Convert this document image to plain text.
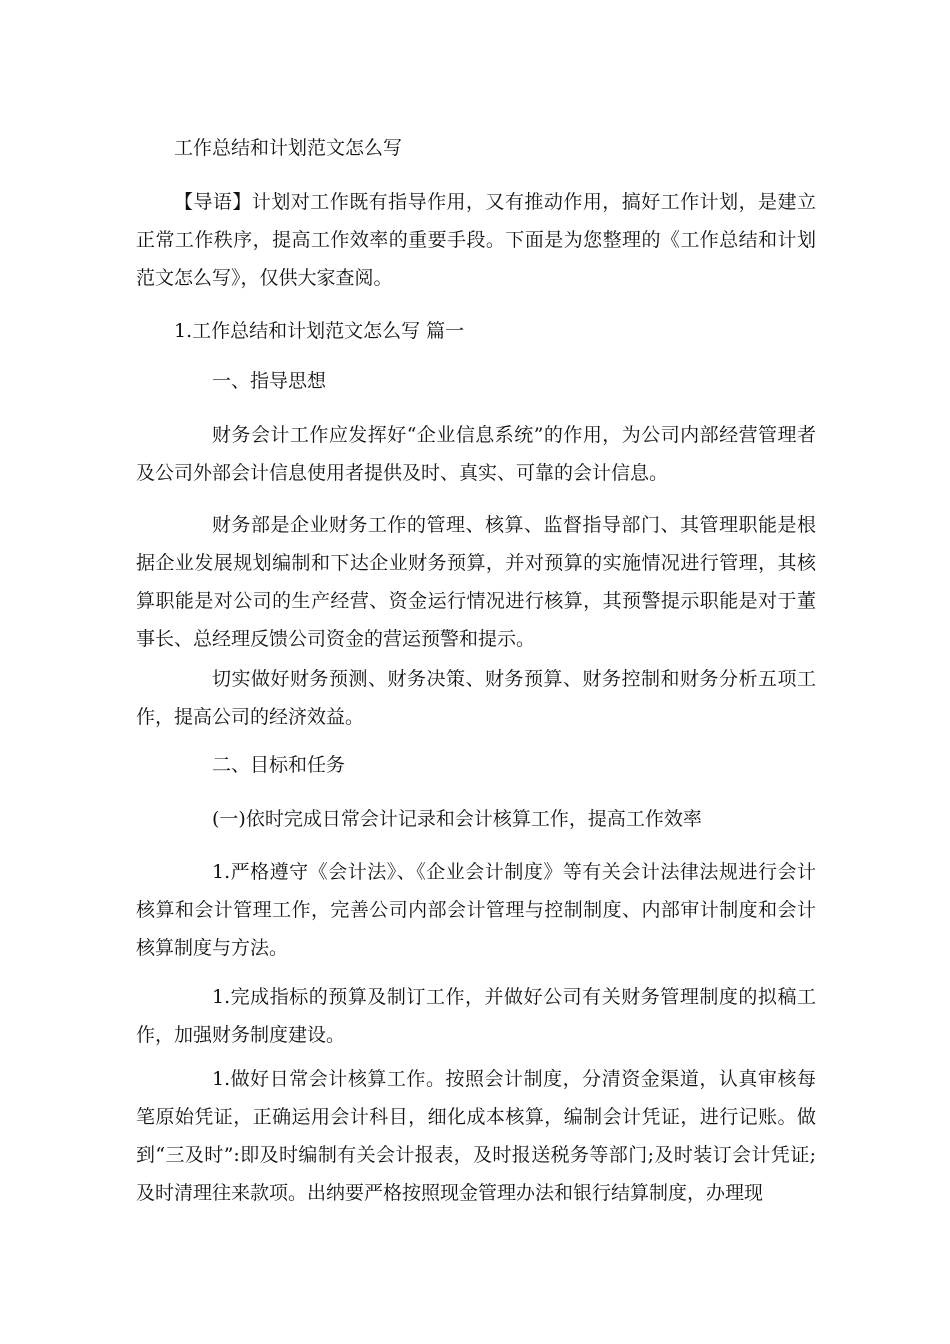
工作总结和计划范文怎么写

【导语】计划对工作既有指导作用，又有推动作用，搞好工作计划，是建立正常工作秩序，提高工作效率的重要手段。下面是为您整理的《工作总结和计划范文怎么写》，仅供大家查阅。

1.工作总结和计划范文怎么写 篇一

一、指导思想

财务会计工作应发挥好“企业信息系统”的作用，为公司内部经营管理者及公司外部会计信息使用者提供及时、真实、可靠的会计信息。

财务部是企业财务工作的管理、核算、监督指导部门、其管理职能是根据企业发展规划编制和下达企业财务预算，并对预算的实施情况进行管理，其核算职能是对公司的生产经营、资金运行情况进行核算，其预警提示职能是对于董事长、总经理反馈公司资金的营运预警和提示。

切实做好财务预测、财务决策、财务预算、财务控制和财务分析五项工作，提高公司的经济效益。

二、目标和任务

(一)依时完成日常会计记录和会计核算工作，提高工作效率

1.严格遵守《会计法》、《企业会计制度》等有关会计法律法规进行会计核算和会计管理工作，完善公司内部会计管理与控制制度、内部审计制度和会计核算制度与方法。

1.完成指标的预算及制订工作，并做好公司有关财务管理制度的拟稿工作，加强财务制度建设。

1.做好日常会计核算工作。按照会计制度，分清资金渠道，认真审核每笔原始凭证，正确运用会计科目，细化成本核算，编制会计凭证，进行记账。做到“三及时”:即及时编制有关会计报表，及时报送税务等部门;及时装订会计凭证;及时清理往来款项。出纳要严格按照现金管理办法和银行结算制度，办理现
